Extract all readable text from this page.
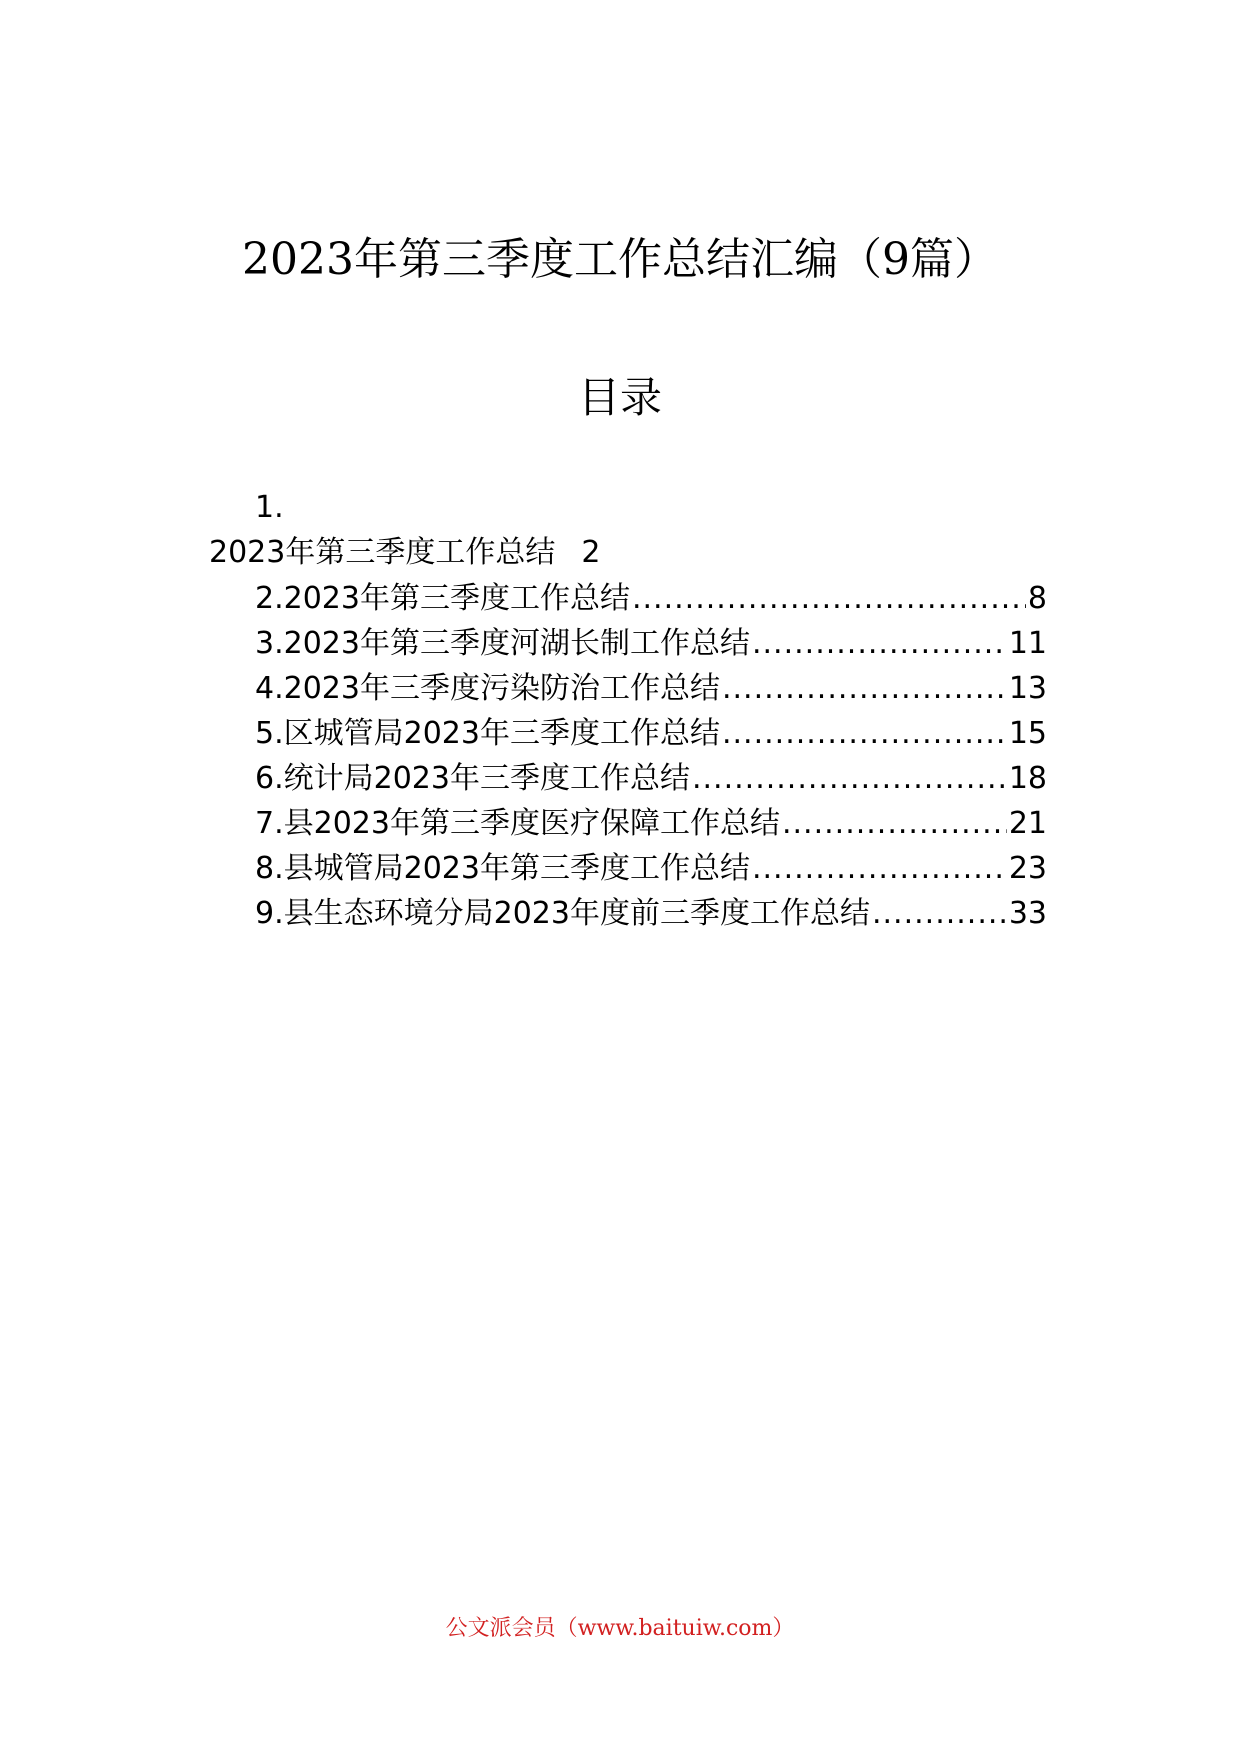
2023年第三季度工作总结汇编（9篇）
目录
1.
2023年第三季度工作总结 2
2.2023年第三季度工作总结 .....	8
3.2023年第三季度河湖长制工作总结 .....	11
4.2023年三季度污染防治工作总结 .....	13
5.区城管局2023年三季度工作总结 .....	15
6.统计局2023年三季度工作总结 .....	18
7.县2023年第三季度医疗保障工作总结 .....	21
8.县城管局2023年第三季度工作总结 .....	23
9.县生态环境分局2023年度前三季度工作总结 .....	33
公文派会员（www.baituiw.com）
